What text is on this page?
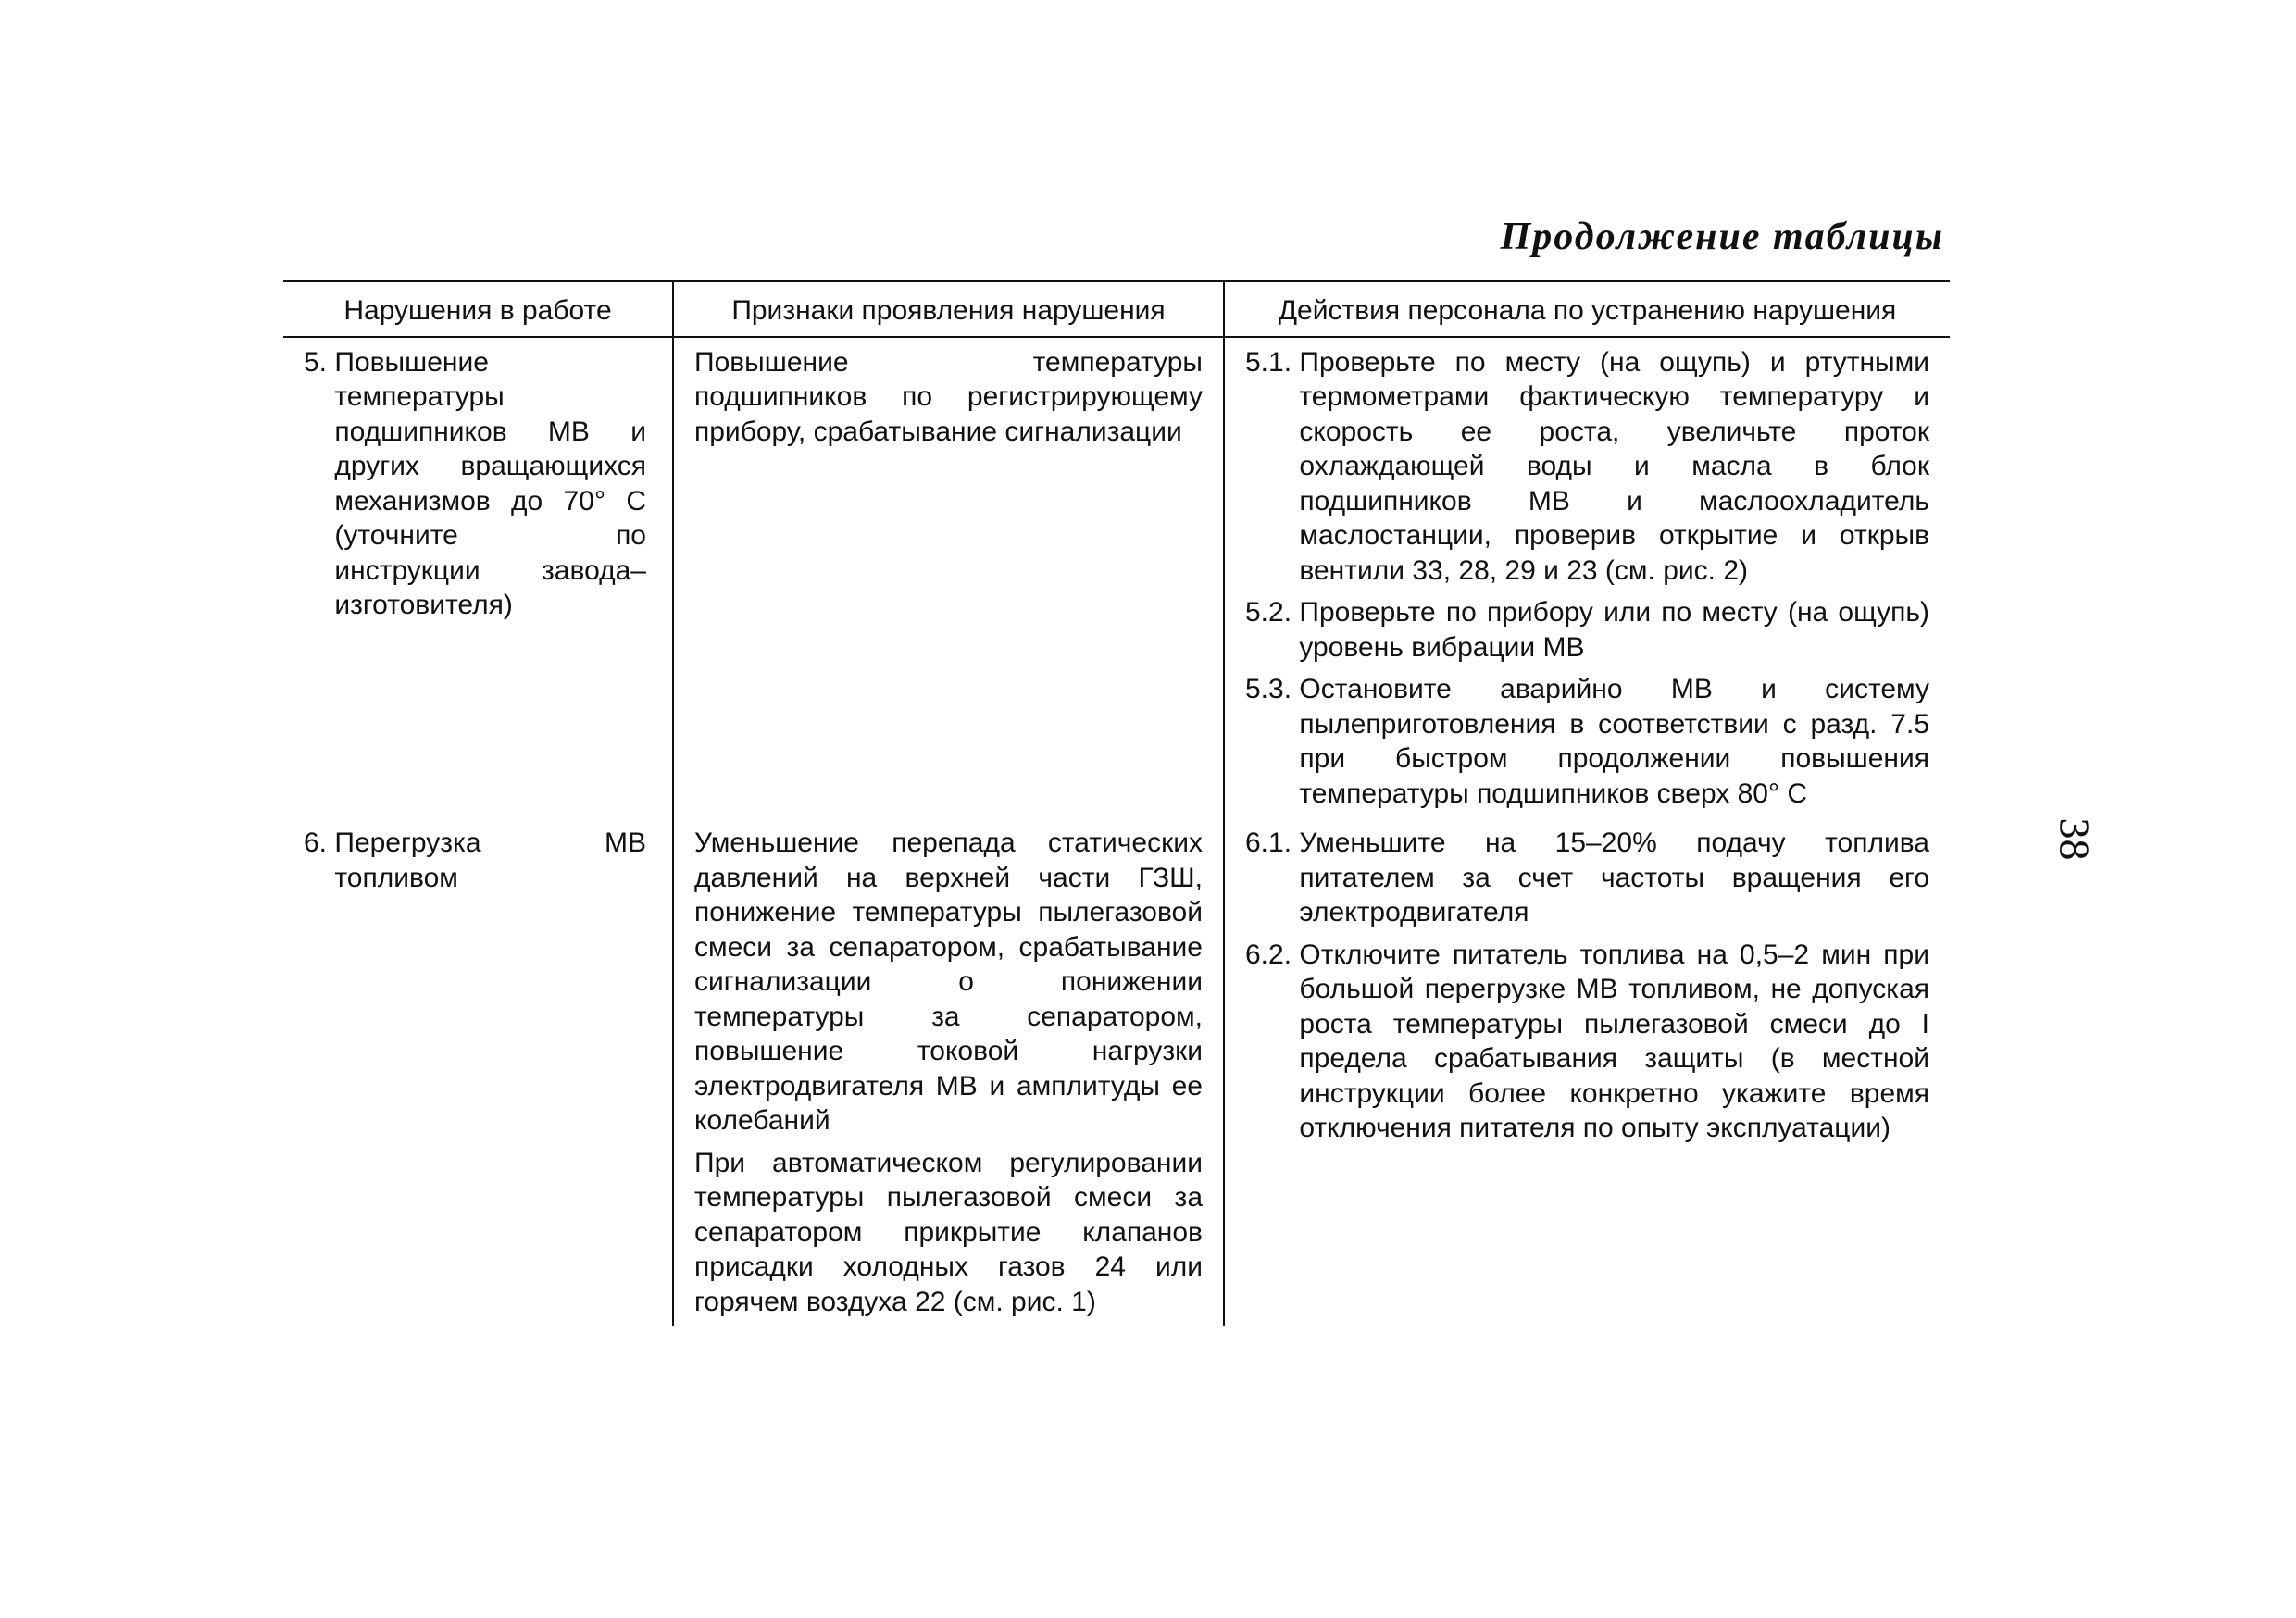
Продолжение таблицы
Нарушения в работе	Признаки проявления нарушения	Действия персонала по устранению нарушения
5.
Повышение температуры подшипников МВ и других вращающихся механизмов до 70° С (уточните по инструкции завода–изготовителя)
Повышение температуры подшипников по регистрирующему прибору, срабатывание сигнализации
5.1.
Проверьте по месту (на ощупь) и ртутными термометрами фактическую температуру и скорость ее роста, увеличьте проток охлаждающей воды и масла в блок подшипников МВ и маслоохладитель маслостанции, проверив открытие и открыв вентили 33, 28, 29 и 23 (см. рис. 2)
5.2.
Проверьте по прибору или по месту (на ощупь) уровень вибрации МВ
5.3.
Остановите аварийно МВ и систему пылеприготовления в соответствии с разд. 7.5 при быстром продолжении повышения температуры подшипников сверх 80° С
6.
Перегрузка МВ топливом
Уменьшение перепада статических давлений на верхней части ГЗШ, понижение температуры пылегазовой смеси за сепаратором, срабатывание сигнализации о понижении температуры за сепаратором, повышение токовой нагрузки электродвигателя МВ и амплитуды ее колебаний
При автоматическом регулировании температуры пылегазовой смеси за сепаратором прикрытие клапанов присадки холодных газов 24 или горячем воздуха 22 (см. рис. 1)
6.1.
Уменьшите на 15–20% подачу топлива питателем за счет частоты вращения его электродвигателя
6.2.
Отключите питатель топлива на 0,5–2 мин при большой перегрузке МВ топливом, не допуская роста температуры пылегазовой смеси до I предела срабатывания защиты (в местной инструкции более конкретно укажите время отключения питателя по опыту эксплуатации)
38
